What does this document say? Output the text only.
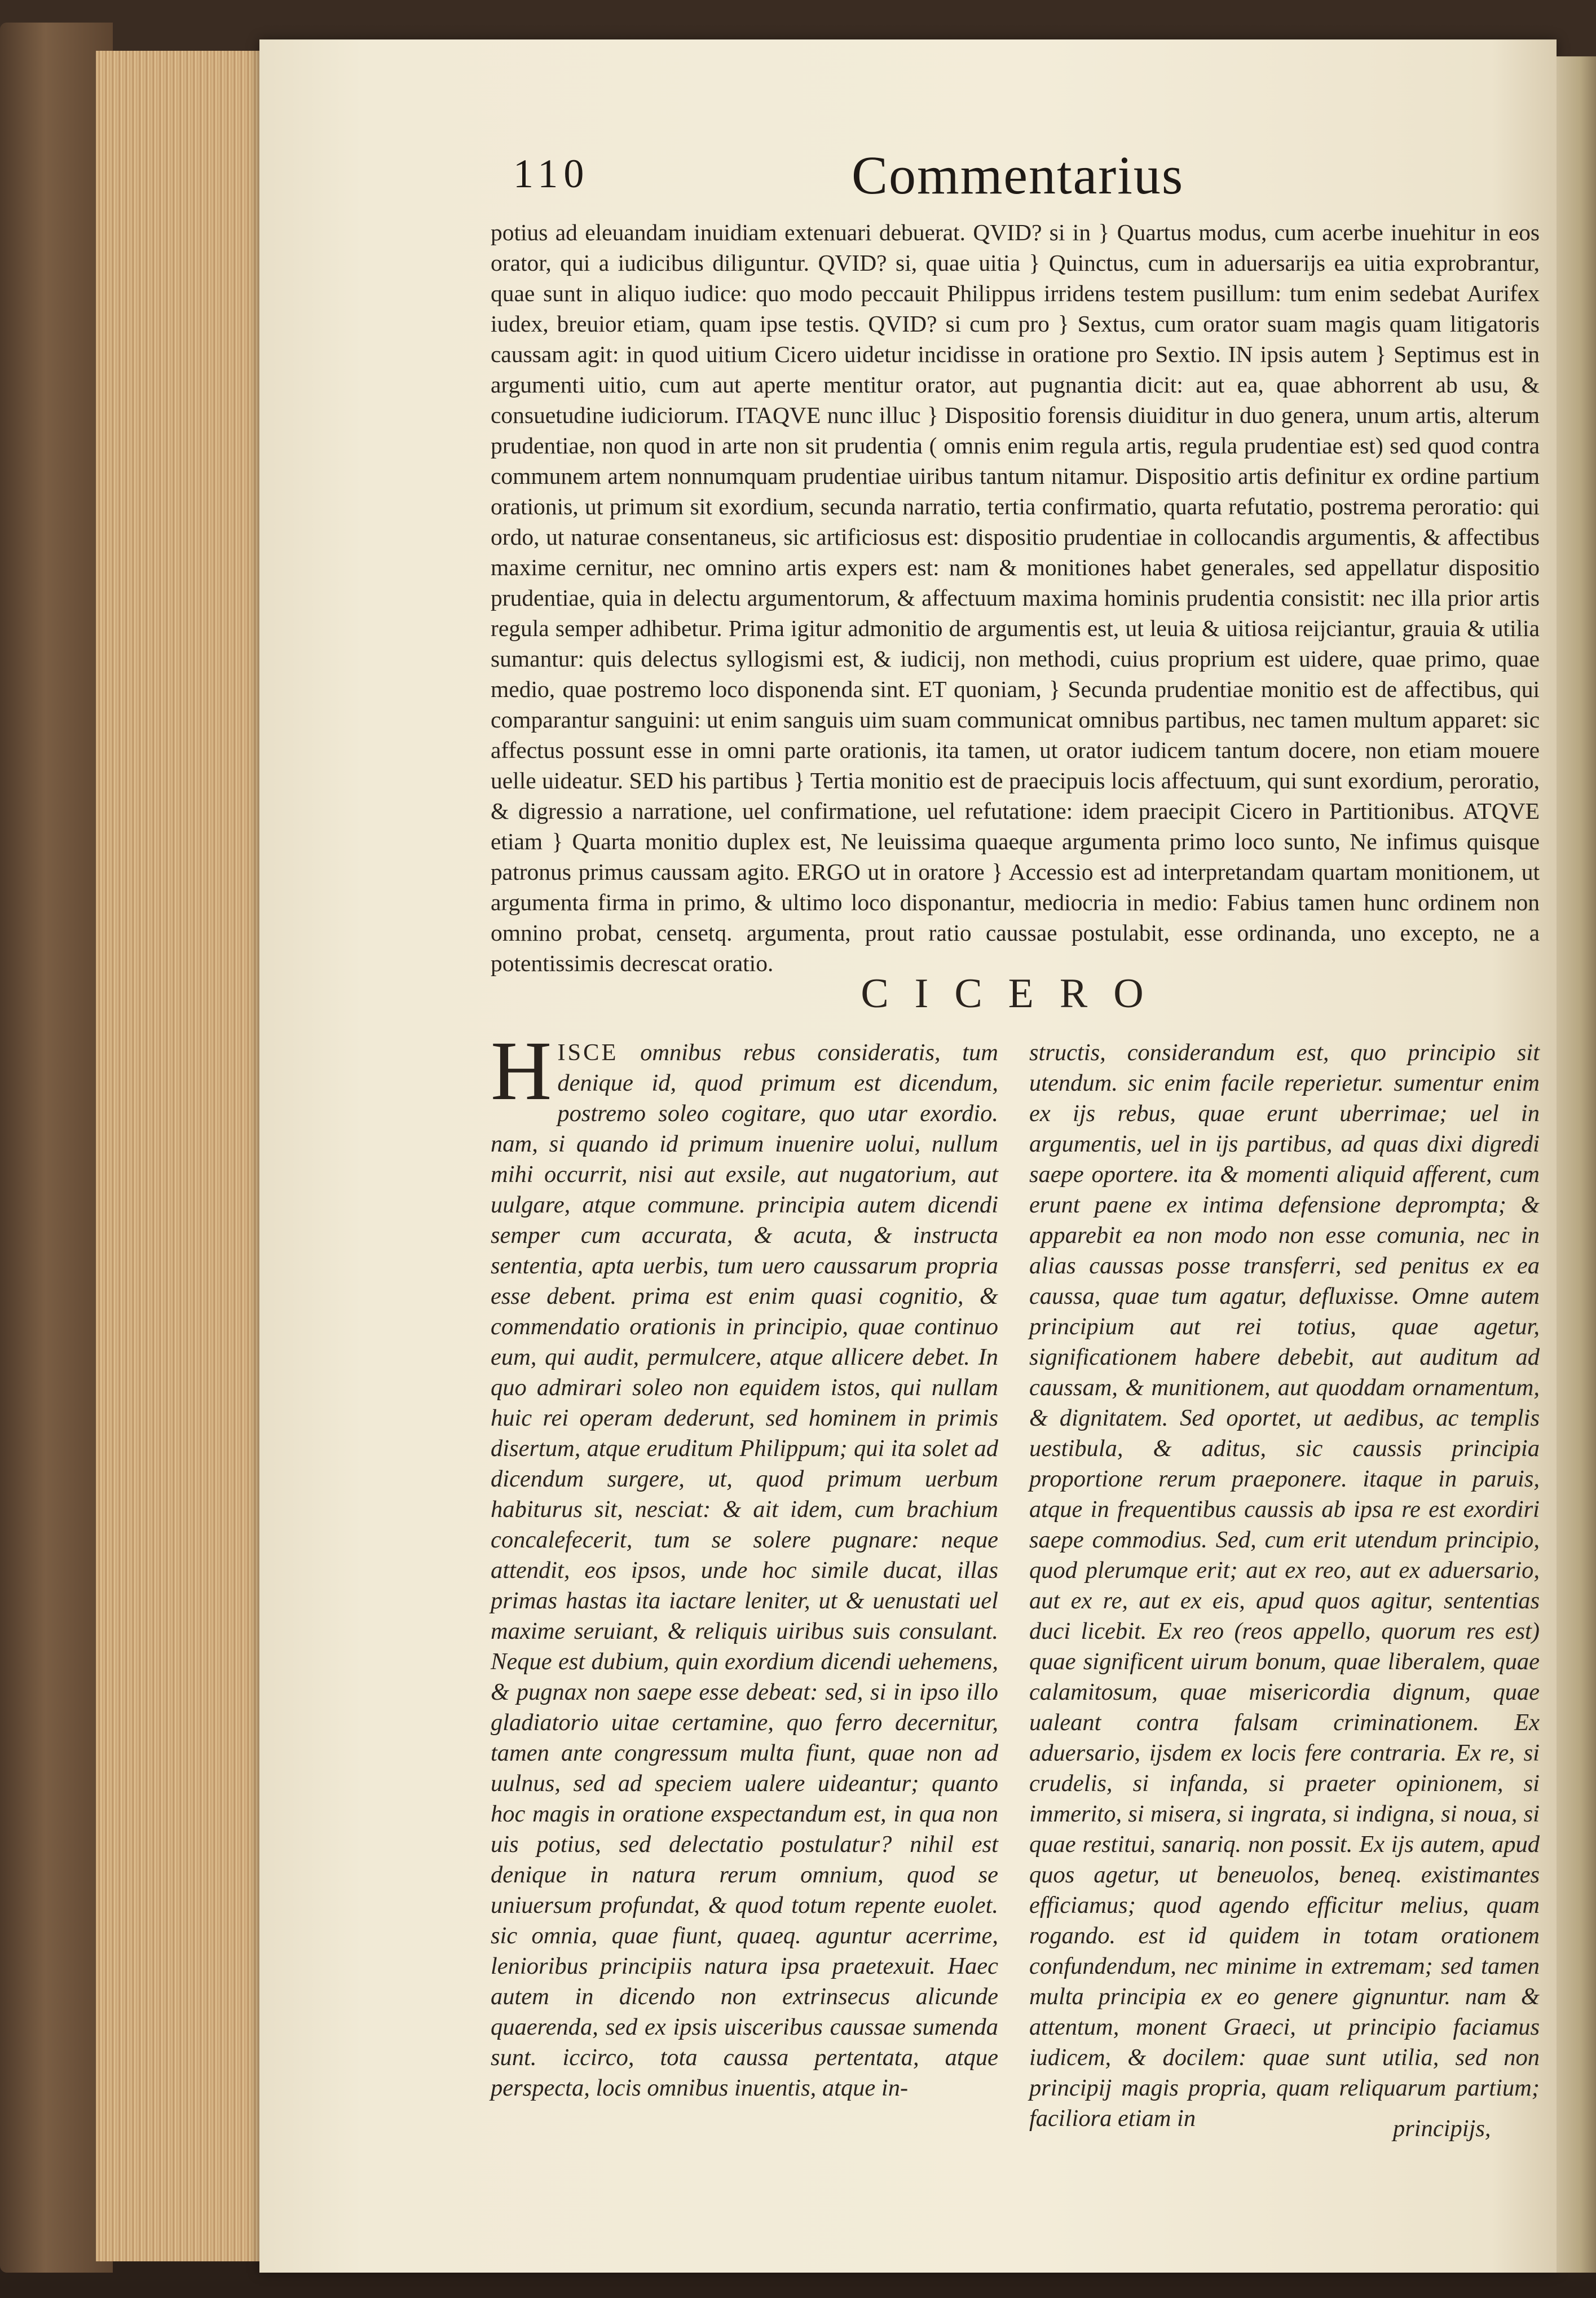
110	Commentarius

potius ad eleuandam inuidiam extenuari debuerat. QVID? si in } Quartus modus, cum acerbe inuehitur in eos orator, qui a iudicibus diliguntur. QVID? si, quae uitia } Quinctus, cum in aduersarijs ea uitia exprobrantur, quae sunt in aliquo iudice: quo modo peccauit Philippus irridens testem pusillum: tum enim sedebat Aurifex iudex, breuior etiam, quam ipse testis. QVID? si cum pro } Sextus, cum orator suam magis quam litigatoris caussam agit: in quod uitium Cicero uidetur incidisse in oratione pro Sextio. IN ipsis autem } Septimus est in argumenti uitio, cum aut aperte mentitur orator, aut pugnantia dicit: aut ea, quae abhorrent ab usu, & consuetudine iudiciorum. ITAQVE nunc illuc } Dispositio forensis diuiditur in duo genera, unum artis, alterum prudentiae, non quod in arte non sit prudentia ( omnis enim regula artis, regula prudentiae est) sed quod contra communem artem nonnumquam prudentiae uiribus tantum nitamur. Dispositio artis definitur ex ordine partium orationis, ut primum sit exordium, secunda narratio, tertia confirmatio, quarta refutatio, postrema peroratio: qui ordo, ut naturae consentaneus, sic artificiosus est: dispositio prudentiae in collocandis argumentis, & affectibus maxime cernitur, nec omnino artis expers est: nam & monitiones habet generales, sed appellatur dispositio prudentiae, quia in delectu argumentorum, & affectuum maxima hominis prudentia consistit: nec illa prior artis regula semper adhibetur. Prima igitur admonitio de argumentis est, ut leuia & uitiosa reijciantur, grauia & utilia sumantur: quis delectus syllogismi est, & iudicij, non methodi, cuius proprium est uidere, quae primo, quae medio, quae postremo loco disponenda sint. ET quoniam, } Secunda prudentiae monitio est de affectibus, qui comparantur sanguini: ut enim sanguis uim suam communicat omnibus partibus, nec tamen multum apparet: sic affectus possunt esse in omni parte orationis, ita tamen, ut orator iudicem tantum docere, non etiam mouere uelle uideatur. SED his partibus } Tertia monitio est de praecipuis locis affectuum, qui sunt exordium, peroratio, & digressio a narratione, uel confirmatione, uel refutatione: idem praecipit Cicero in Partitionibus. ATQVE etiam } Quarta monitio duplex est, Ne leuissima quaeque argumenta primo loco sunto, Ne infimus quisque patronus primus caussam agito. ERGO ut in oratore } Accessio est ad interpretandam quartam monitionem, ut argumenta firma in primo, & ultimo loco disponantur, mediocria in medio: Fabius tamen hunc ordinem non omnino probat, censetq. argumenta, prout ratio caussae postulabit, esse ordinanda, uno excepto, ne a potentissimis decrescat oratio.

CICERO
H ISCE omnibus rebus consideratis, tum denique id, quod primum est dicendum, postremo soleo cogitare, quo utar exordio. nam, si quando id primum inuenire uolui, nullum mihi occurrit, nisi aut exsile, aut nugatorium, aut uulgare, atque commune. principia autem dicendi semper cum accurata, & acuta, & instructa sententia, apta uerbis, tum uero caussarum propria esse debent. prima est enim quasi cognitio, & commendatio orationis in principio, quae continuo eum, qui audit, permulcere, atque allicere debet. In quo admirari soleo non equidem istos, qui nullam huic rei operam dederunt, sed hominem in primis disertum, atque eruditum Philippum; qui ita solet ad dicendum surgere, ut, quod primum uerbum habiturus sit, nesciat: & ait idem, cum brachium concalefecerit, tum se solere pugnare: neque attendit, eos ipsos, unde hoc simile ducat, illas primas hastas ita iactare leniter, ut & uenustati uel maxime seruiant, & reliquis uiribus suis consulant. Neque est dubium, quin exordium dicendi uehemens, & pugnax non saepe esse debeat: sed, si in ipso illo gladiatorio uitae certamine, quo ferro decernitur, tamen ante congressum multa fiunt, quae non ad uulnus, sed ad speciem ualere uideantur; quanto hoc magis in oratione exspectandum est, in qua non uis potius, sed delectatio postulatur? nihil est denique in natura rerum omnium, quod se uniuersum profundat, & quod totum repente euolet. sic omnia, quae fiunt, quaeq. aguntur acerrime, lenioribus principiis natura ipsa praetexuit. Haec autem in dicendo non extrinsecus alicunde quaerenda, sed ex ipsis uisceribus caussae sumenda sunt. iccirco, tota caussa pertentata, atque perspecta, locis omnibus inuentis, atque in-

structis, considerandum est, quo principio sit utendum. sic enim facile reperietur. sumentur enim ex ijs rebus, quae erunt uberrimae; uel in argumentis, uel in ijs partibus, ad quas dixi digredi saepe oportere. ita & momenti aliquid afferent, cum erunt paene ex intima defensione deprompta; & apparebit ea non modo non esse comunia, nec in alias caussas posse transferri, sed penitus ex ea caussa, quae tum agatur, defluxisse. Omne autem principium aut rei totius, quae agetur, significationem habere debebit, aut auditum ad caussam, & munitionem, aut quoddam ornamentum, & dignitatem. Sed oportet, ut aedibus, ac templis uestibula, & aditus, sic caussis principia proportione rerum praeponere. itaque in paruis, atque in frequentibus caussis ab ipsa re est exordiri saepe commodius. Sed, cum erit utendum principio, quod plerumque erit; aut ex reo, aut ex aduersario, aut ex re, aut ex eis, apud quos agitur, sententias duci licebit. Ex reo (reos appello, quorum res est) quae significent uirum bonum, quae liberalem, quae calamitosum, quae misericordia dignum, quae ualeant contra falsam criminationem. Ex aduersario, ijsdem ex locis fere contraria. Ex re, si crudelis, si infanda, si praeter opinionem, si immerito, si misera, si ingrata, si indigna, si noua, si quae restitui, sanariq. non possit. Ex ijs autem, apud quos agetur, ut beneuolos, beneq. existimantes efficiamus; quod agendo efficitur melius, quam rogando. est id quidem in totam orationem confundendum, nec minime in extremam; sed tamen multa principia ex eo genere gignuntur. nam & attentum, monent Graeci, ut principio faciamus iudicem, & docilem: quae sunt utilia, sed non principij magis propria, quam reliquarum partium; faciliora etiam in	principijs,
